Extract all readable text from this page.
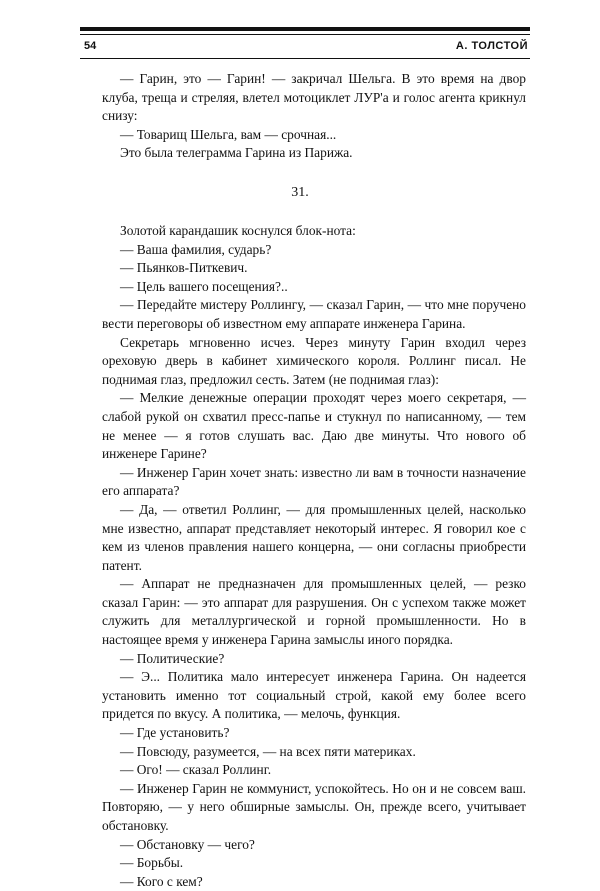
54	А. ТОЛСТОЙ

— Гарин, это — Гарин! — закричал Шельга. В это время на двор клуба, треща и стреляя, влетел мотоциклет ЛУР'а и голос агента крикнул снизу:

— Товарищ Шельга, вам — срочная...

Это была телеграмма Гарина из Парижа.

31.

Золотой карандашик коснулся блок-нота:

— Ваша фамилия, сударь?

— Пьянков-Питкевич.

— Цель вашего посещения?..

— Передайте мистеру Роллингу, — сказал Гарин, — что мне поручено вести переговоры об известном ему аппарате инженера Гарина.

Секретарь мгновенно исчез. Через минуту Гарин входил через ореховую дверь в кабинет химического короля. Роллинг писал. Не поднимая глаз, предложил сесть. Затем (не поднимая глаз):

— Мелкие денежные операции проходят через моего секретаря, — слабой рукой он схватил пресс-папье и стукнул по написанному, — тем не менее — я готов слушать вас. Даю две минуты. Что нового об инженере Гарине?

— Инженер Гарин хочет знать: известно ли вам в точности назначение его аппарата?

— Да, — ответил Роллинг, — для промышленных целей, насколько мне известно, аппарат представляет некоторый интерес. Я говорил кое с кем из членов правления нашего концерна, — они согласны приобрести патент.

— Аппарат не предназначен для промышленных целей, — резко сказал Гарин: — это аппарат для разрушения. Он с успехом также может служить для металлургической и горной промышленности. Но в настоящее время у инженера Гарина замыслы иного порядка.

— Политические?

— Э... Политика мало интересует инженера Гарина. Он надеется установить именно тот социальный строй, какой ему более всего придется по вкусу. А политика, — мелочь, функция.

— Где установить?

— Повсюду, разумеется, — на всех пяти материках.

— Ого! — сказал Роллинг.

— Инженер Гарин не коммунист, успокойтесь. Но он и не совсем ваш. Повторяю, — у него обширные замыслы. Он, прежде всего, учитывает обстановку.

— Обстановку — чего?

— Борьбы.

— Кого с кем?
